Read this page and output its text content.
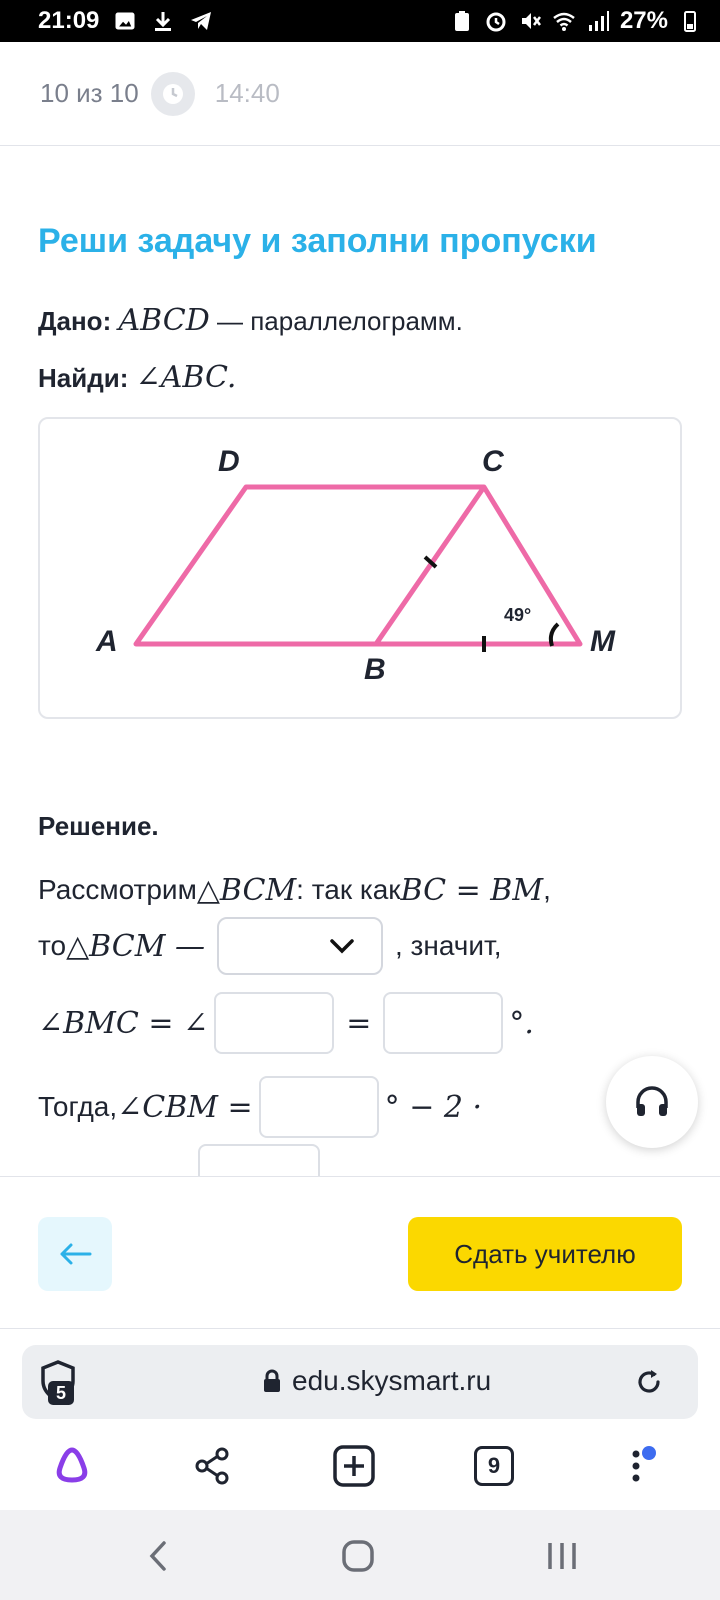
21:09	27%
10 из 10	14:40
Реши задачу и заполни пропуски
Дано: ABCD — параллелограмм.
Найди: ∠ABC.
D	C
A
B
M
49°
Решение.
Рассмотрим △BCM : так как BC = BM ,
то △BCM —	, значит,
∠BMC = ∠	=	°.
Тогда, ∠CBM =	° − 2 ·
Сдать учителю
5	edu.skysmart.ru
9
